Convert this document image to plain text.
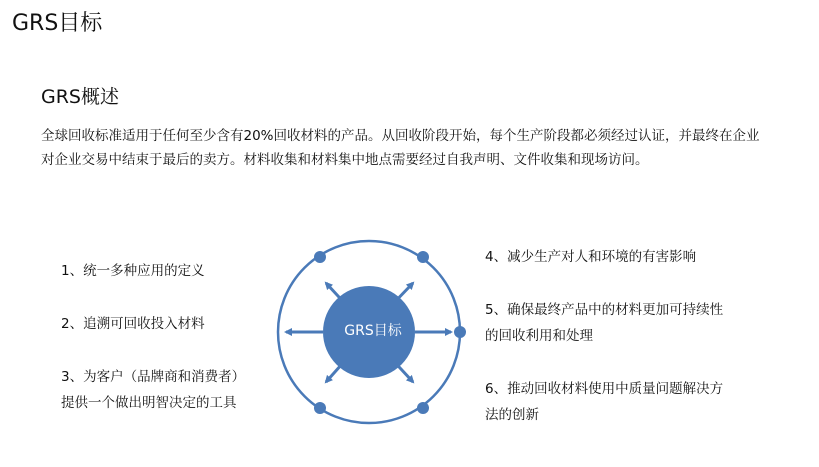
GRS目标
GRS概述

全球回收标准适用于任何至少含有20%回收材料的产品。从回收阶段开始，每个生产阶段都必须经过认证，并最终在企业对企业交易中结束于最后的卖方。材料收集和材料集中地点需要经过自我声明、文件收集和现场访问。

1、统一多种应用的定义

2、追溯可回收投入材料

3、为客户（品牌商和消费者）提供一个做出明智决定的工具

GRS目标

4、减少生产对人和环境的有害影响

5、确保最终产品中的材料更加可持续性的回收利用和处理

6、推动回收材料使用中质量问题解决方法的创新
